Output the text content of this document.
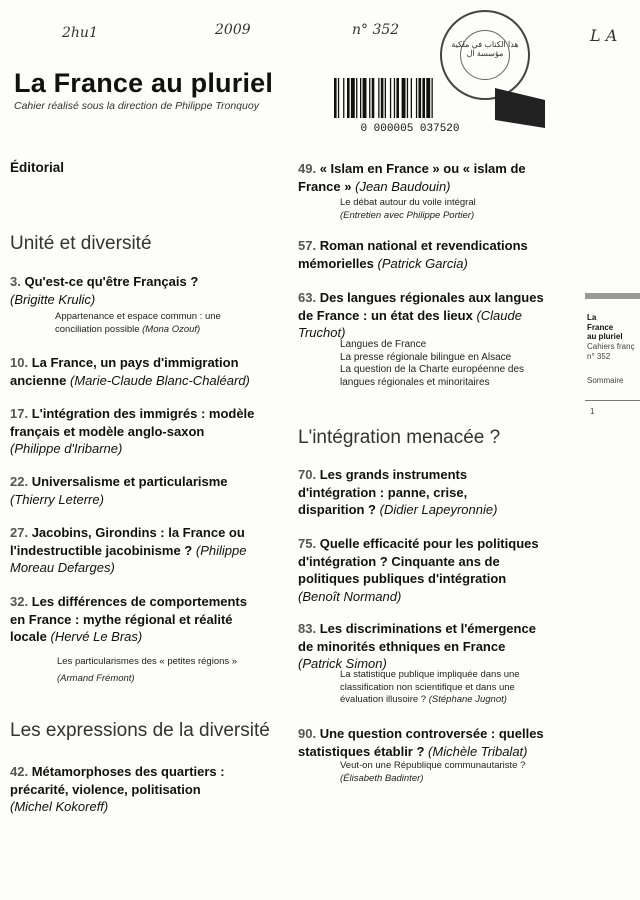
2hu1	2009	n° 352	L A
هذا الكتاب في ملكية مؤسسة ال
La France au pluriel
Cahier réalisé sous la direction de Philippe Tronquoy
0 000005 037520
Éditorial
Unité et diversité
3. Qu'est-ce qu'être Français ?
(Brigitte Krulic)
Appartenance et espace commun : une
conciliation possible (Mona Ozouf)
10. La France, un pays d'immigration
ancienne (Marie-Claude Blanc-Chaléard)
17. L'intégration des immigrés : modèle
français et modèle anglo-saxon
(Philippe d'Iribarne)
22. Universalisme et particularisme
(Thierry Leterre)
27. Jacobins, Girondins : la France ou
l'indestructible jacobinisme ? (Philippe
Moreau Defarges)
32. Les différences de comportements
en France : mythe régional et réalité
locale (Hervé Le Bras)
Les particularismes des « petites régions »
(Armand Frémont)
Les expressions de la diversité
42. Métamorphoses des quartiers :
précarité, violence, politisation
(Michel Kokoreff)
49. « Islam en France » ou « islam de
France » (Jean Baudouin)
Le débat autour du voile intégral
(Entretien avec Philippe Portier)
57. Roman national et revendications
mémorielles (Patrick Garcia)
63. Des langues régionales aux langues
de France : un état des lieux (Claude
Truchot)
Langues de France
La presse régionale bilingue en Alsace
La question de la Charte européenne des
langues régionales et minoritaires
L'intégration menacée ?
70. Les grands instruments
d'intégration : panne, crise,
disparition ? (Didier Lapeyronnie)
75. Quelle efficacité pour les politiques
d'intégration ? Cinquante ans de
politiques publiques d'intégration
(Benoît Normand)
83. Les discriminations et l'émergence
de minorités ethniques en France
(Patrick Simon)
La statistique publique impliquée dans une
classification non scientifique et dans une
évaluation illusoire ? (Stéphane Jugnot)
90. Une question controversée : quelles
statistiques établir ? (Michèle Tribalat)
Veut-on une République communautariste ?
(Élisabeth Badinter)
La
France
au pluriel
Cahiers franç
n° 352
Sommaire
1
